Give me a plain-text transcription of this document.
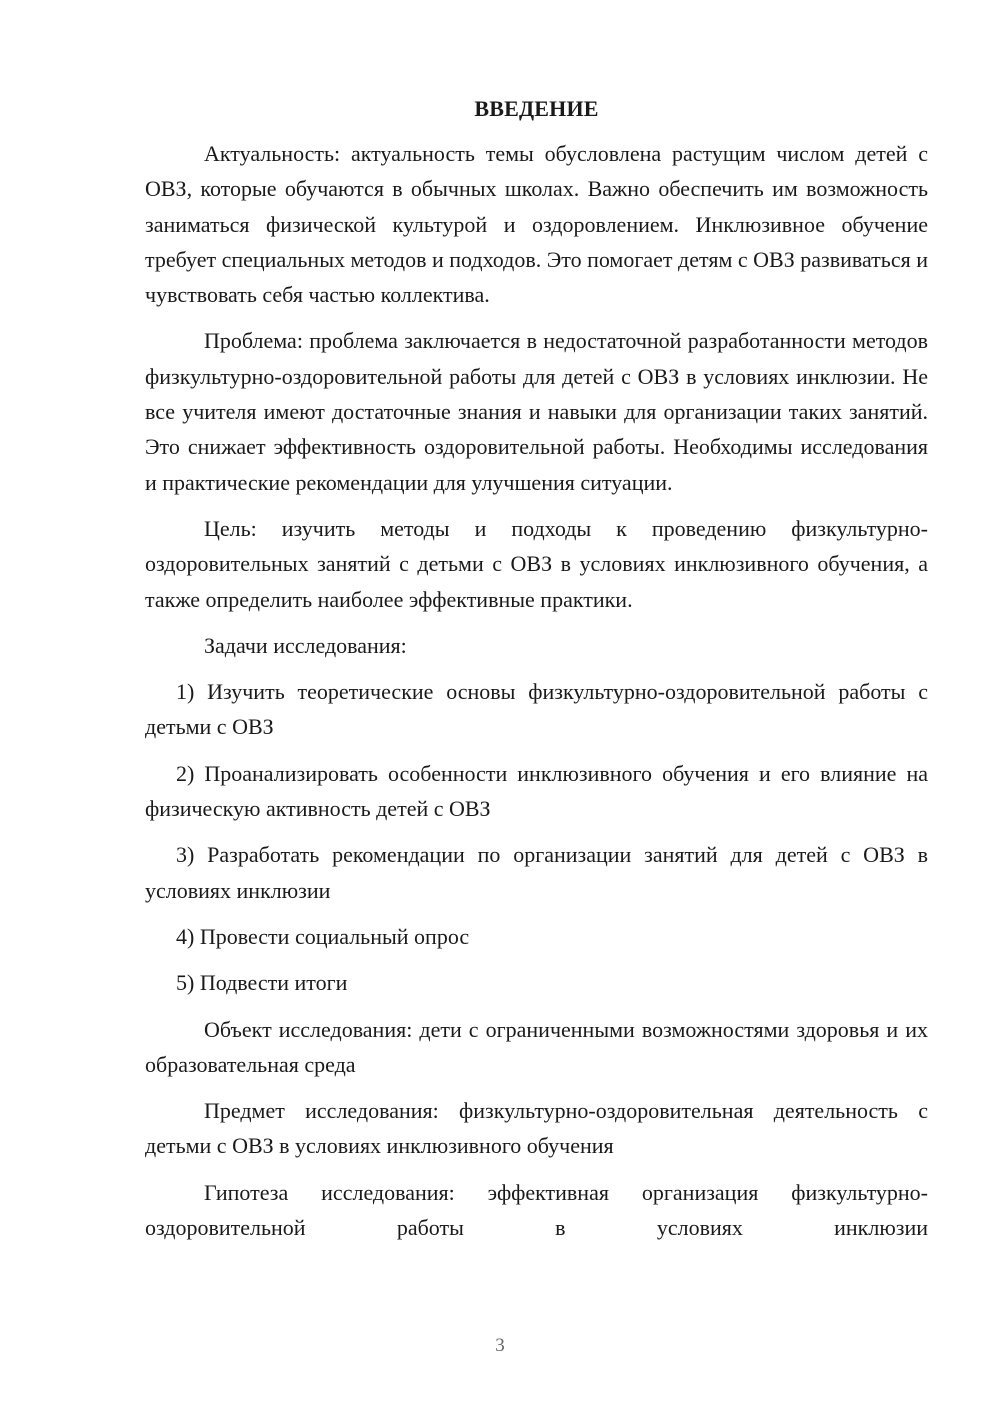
ВВЕДЕНИЕ
Актуальность: актуальность темы обусловлена растущим числом детей с ОВЗ, которые обучаются в обычных школах. Важно обеспечить им возможность заниматься физической культурой и оздоровлением. Инклюзивное обучение требует специальных методов и подходов. Это помогает детям с ОВЗ развиваться и чувствовать себя частью коллектива.
Проблема: проблема заключается в недостаточной разработанности методов физкультурно-оздоровительной работы для детей с ОВЗ в условиях инклюзии. Не все учителя имеют достаточные знания и навыки для организации таких занятий. Это снижает эффективность оздоровительной работы. Необходимы исследования и практические рекомендации для улучшения ситуации.
Цель: изучить методы и подходы к проведению физкультурно-оздоровительных занятий с детьми с ОВЗ в условиях инклюзивного обучения, а также определить наиболее эффективные практики.
Задачи исследования:
1) Изучить теоретические основы физкультурно-оздоровительной работы с детьми с ОВЗ
2) Проанализировать особенности инклюзивного обучения и его влияние на физическую активность детей с ОВЗ
3) Разработать рекомендации по организации занятий для детей с ОВЗ в условиях инклюзии
4) Провести социальный опрос
5) Подвести итоги
Объект исследования: дети с ограниченными возможностями здоровья и их образовательная среда
Предмет исследования: физкультурно-оздоровительная деятельность с детьми с ОВЗ в условиях инклюзивного обучения
Гипотеза исследования: эффективная организация физкультурно-оздоровительной работы в условиях инклюзии
3
